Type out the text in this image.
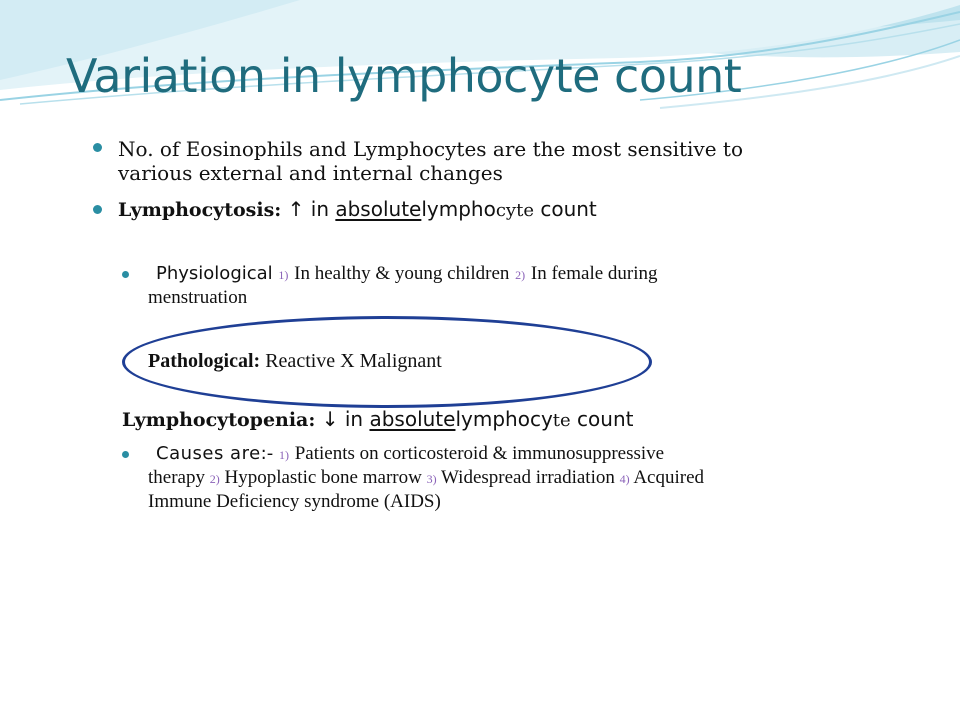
Variation in lymphocyte count
No. of Eosinophils and Lymphocytes are the most sensitive to
various external and internal changes
Lymphocytosis: ↑ in absolutelymphocyte count
Physiological 1) In healthy & young children 2) In female during
menstruation
Pathological: Reactive X Malignant
Lymphocytopenia: ↓ in absolutelymphocyte count
Causes are:- 1) Patients on corticosteroid & immunosuppressive
therapy 2) Hypoplastic bone marrow 3) Widespread irradiation 4) Acquired
Immune Deficiency syndrome (AIDS)
